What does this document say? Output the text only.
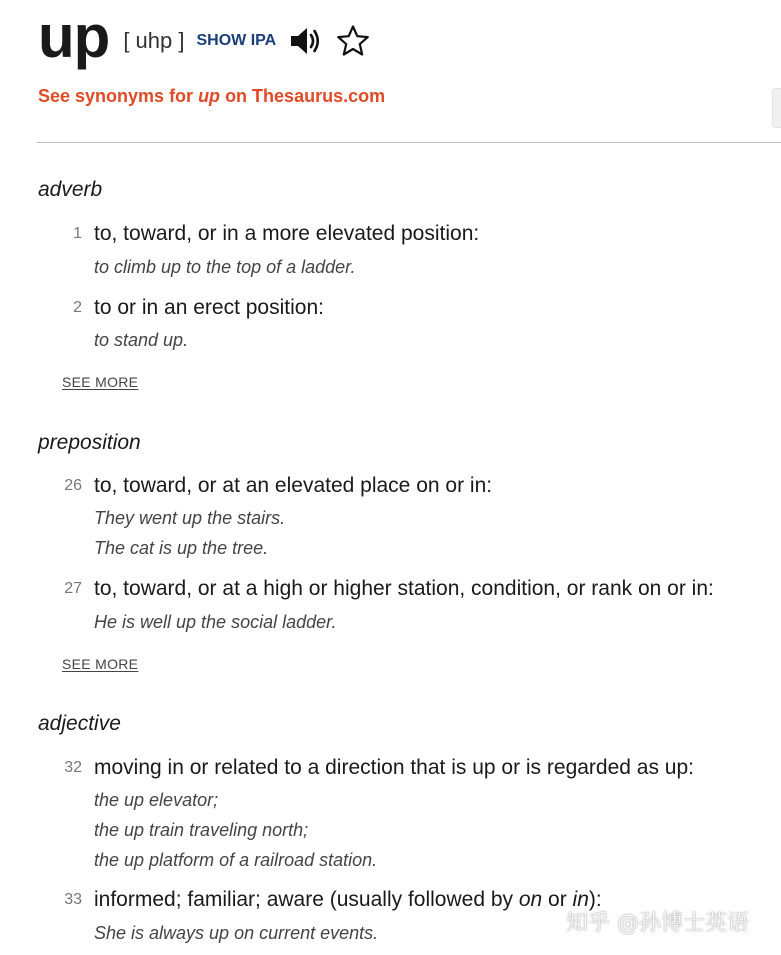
up [ uhp ] SHOW IPA
See synonyms for up on Thesaurus.com
adverb
1 to, toward, or in a more elevated position:
to climb up to the top of a ladder.
2 to or in an erect position:
to stand up.
SEE MORE
preposition
26 to, toward, or at an elevated place on or in:
They went up the stairs.
The cat is up the tree.
27 to, toward, or at a high or higher station, condition, or rank on or in:
He is well up the social ladder.
SEE MORE
adjective
32 moving in or related to a direction that is up or is regarded as up:
the up elevator;
the up train traveling north;
the up platform of a railroad station.
33 informed; familiar; aware (usually followed by on or in):
She is always up on current events.	知乎 @孙博士英语
